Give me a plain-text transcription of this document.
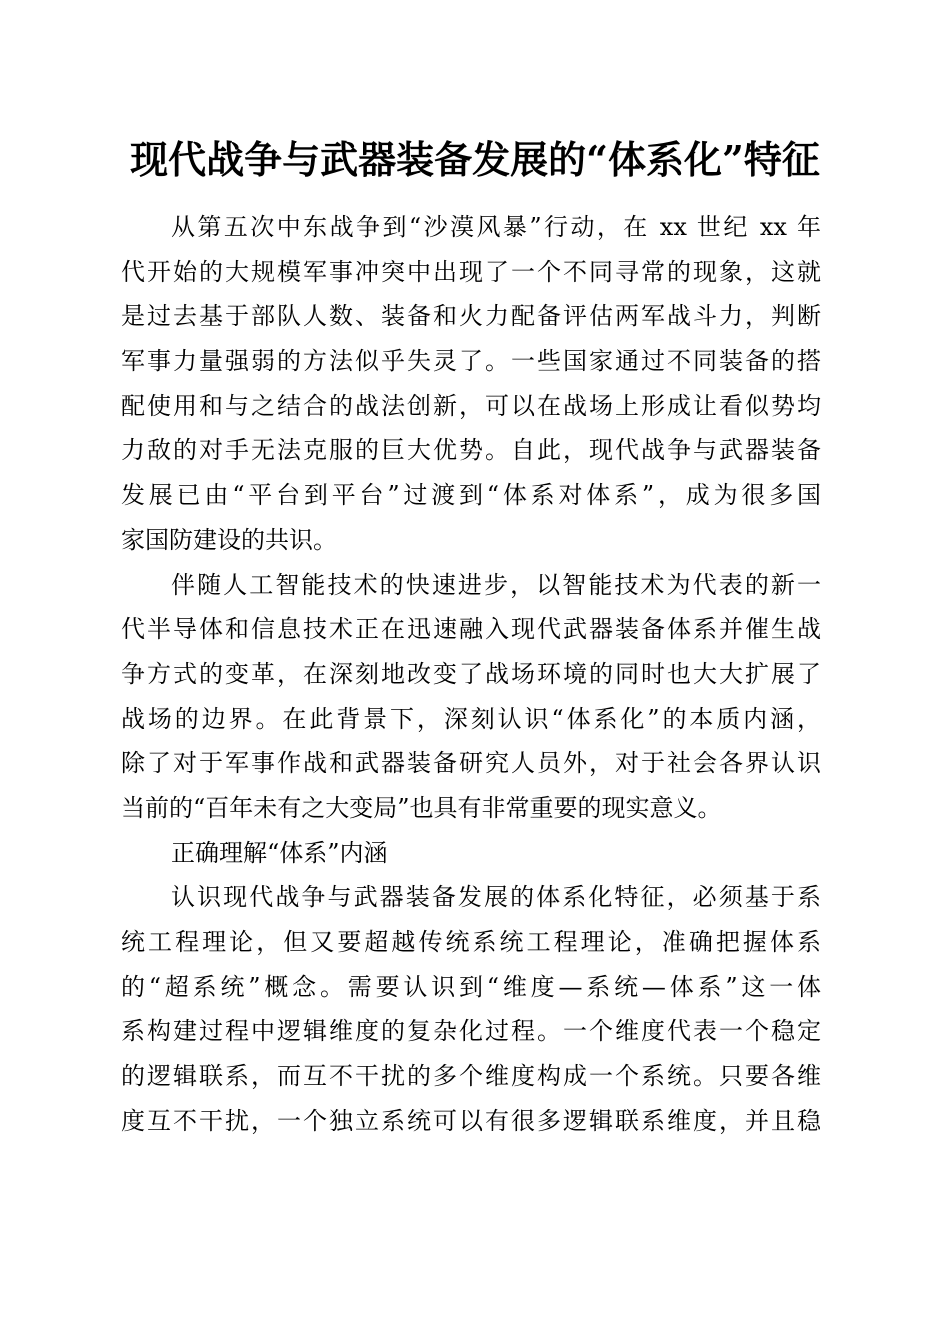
现代战争与武器装备发展的“体系化”特征
从第五次中东战争到“沙漠风暴”行动，在 xx 世纪 xx 年
代开始的大规模军事冲突中出现了一个不同寻常的现象，这就
是过去基于部队人数、装备和火力配备评估两军战斗力，判断
军事力量强弱的方法似乎失灵了。一些国家通过不同装备的搭
配使用和与之结合的战法创新，可以在战场上形成让看似势均
力敌的对手无法克服的巨大优势。自此，现代战争与武器装备
发展已由“平台到平台”过渡到“体系对体系”，成为很多国
家国防建设的共识。
伴随人工智能技术的快速进步，以智能技术为代表的新一
代半导体和信息技术正在迅速融入现代武器装备体系并催生战
争方式的变革，在深刻地改变了战场环境的同时也大大扩展了
战场的边界。在此背景下，深刻认识“体系化”的本质内涵，
除了对于军事作战和武器装备研究人员外，对于社会各界认识
当前的“百年未有之大变局”也具有非常重要的现实意义。
正确理解“体系”内涵
认识现代战争与武器装备发展的体系化特征，必须基于系
统工程理论，但又要超越传统系统工程理论，准确把握体系
的“超系统”概念。需要认识到“维度—系统—体系”这一体
系构建过程中逻辑维度的复杂化过程。一个维度代表一个稳定
的逻辑联系，而互不干扰的多个维度构成一个系统。只要各维
度互不干扰，一个独立系统可以有很多逻辑联系维度，并且稳
